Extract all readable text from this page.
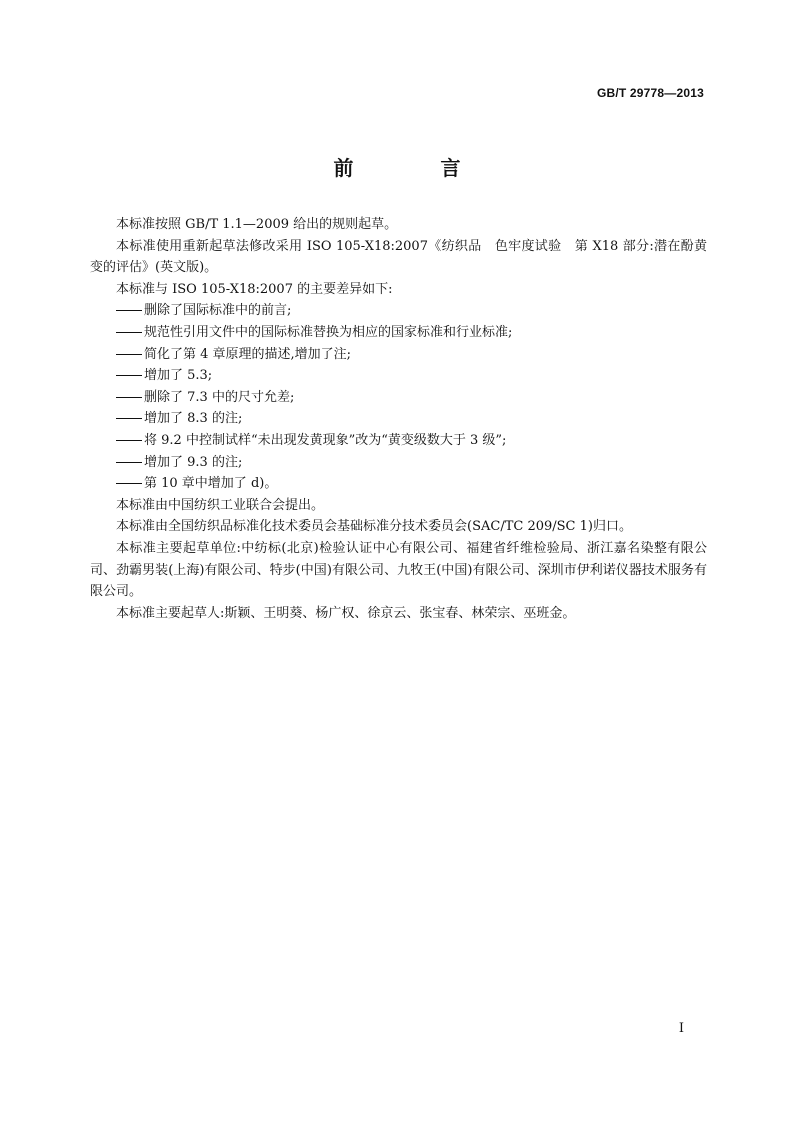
GB/T 29778—2013
前 言

本标准按照 GB/T 1.1—2009 给出的规则起草。

本标准使用重新起草法修改采用 ISO 105-X18:2007《纺织品　色牢度试验　第 X18 部分:潜在酚黄变的评估》(英文版)。

本标准与 ISO 105-X18:2007 的主要差异如下:

删除了国际标准中的前言;

规范性引用文件中的国际标准替换为相应的国家标准和行业标准;

简化了第 4 章原理的描述,增加了注;

增加了 5.3;

删除了 7.3 中的尺寸允差;

增加了 8.3 的注;

将 9.2 中控制试样“未出现发黄现象”改为“黄变级数大于 3 级”;

增加了 9.3 的注;

第 10 章中增加了 d)。

本标准由中国纺织工业联合会提出。

本标准由全国纺织品标准化技术委员会基础标准分技术委员会(SAC/TC 209/SC 1)归口。

本标准主要起草单位:中纺标(北京)检验认证中心有限公司、福建省纤维检验局、浙江嘉名染整有限公司、劲霸男装(上海)有限公司、特步(中国)有限公司、九牧王(中国)有限公司、深圳市伊利诺仪器技术服务有限公司。

本标准主要起草人:斯颖、王明葵、杨广权、徐京云、张宝春、林荣宗、巫班金。

I
